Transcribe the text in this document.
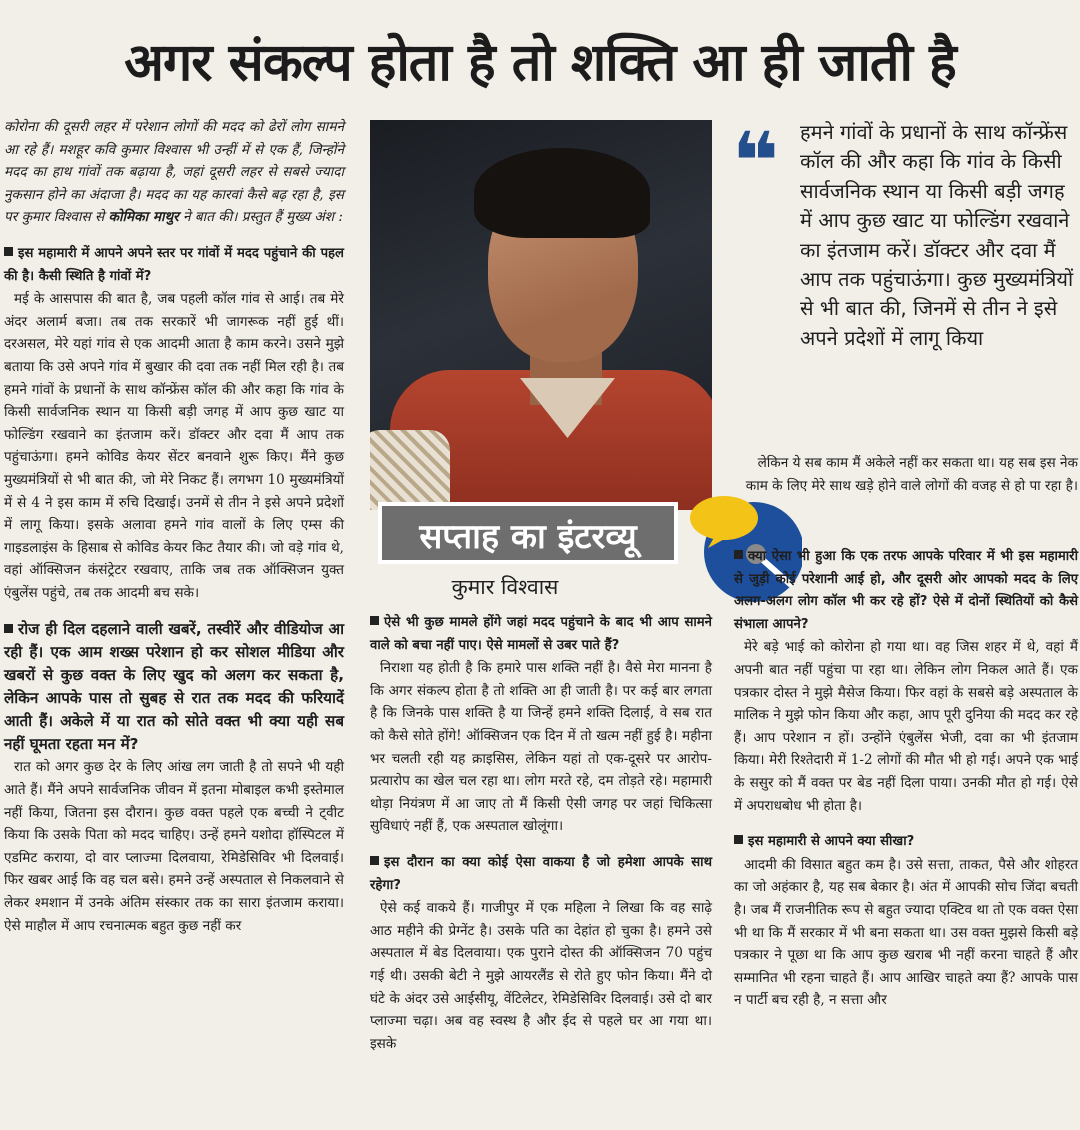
अगर संकल्प होता है तो शक्ति आ ही जाती है

कोरोना की दूसरी लहर में परेशान लोगों की मदद को ढेरों लोग सामने आ रहे हैं। मशहूर कवि कुमार विश्वास भी उन्हीं में से एक हैं, जिन्होंने मदद का हाथ गांवों तक बढ़ाया है, जहां दूसरी लहर से सबसे ज्यादा नुकसान होने का अंदाजा है। मदद का यह कारवां कैसे बढ़ रहा है, इस पर कुमार विश्वास से कोमिका माथुर ने बात की। प्रस्तुत हैं मुख्य अंश :

इस महामारी में आपने अपने स्तर पर गांवों में मदद पहुंचाने की पहल की है। कैसी स्थिति है गांवों में?

मई के आसपास की बात है, जब पहली कॉल गांव से आई। तब मेरे अंदर अलार्म बजा। तब तक सरकारें भी जागरूक नहीं हुई थीं। दरअसल, मेरे यहां गांव से एक आदमी आता है काम करने। उसने मुझे बताया कि उसे अपने गांव में बुखार की दवा तक नहीं मिल रही है। तब हमने गांवों के प्रधानों के साथ कॉन्फ्रेंस कॉल की और कहा कि गांव के किसी सार्वजनिक स्थान या किसी बड़ी जगह में आप कुछ खाट या फोल्डिंग रखवाने का इंतजाम करें। डॉक्टर और दवा मैं आप तक पहुंचाऊंगा। हमने कोविड केयर सेंटर बनवाने शुरू किए। मैंने कुछ मुख्यमंत्रियों से भी बात की, जो मेरे निकट हैं। लगभग 10 मुख्यमंत्रियों में से 4 ने इस काम में रुचि दिखाई। उनमें से तीन ने इसे अपने प्रदेशों में लागू किया। इसके अलावा हमने गांव वालों के लिए एम्स की गाइडलाइंस के हिसाब से कोविड केयर किट तैयार की। जो वड़े गांव थे, वहां ऑक्सिजन कंसंट्रेटर रखवाए, ताकि जब तक ऑक्सिजन युक्त एंबुलेंस पहुंचे, तब तक आदमी बच सके।

रोज ही दिल दहलाने वाली खबरें, तस्वीरें और वीडियोज आ रही हैं। एक आम शख्स परेशान हो कर सोशल मीडिया और खबरों से कुछ वक्त के लिए खुद को अलग कर सकता है, लेकिन आपके पास तो सुबह से रात तक मदद की फरियादें आती हैं। अकेले में या रात को सोते वक्त भी क्या यही सब नहीं घूमता रहता मन में?

रात को अगर कुछ देर के लिए आंख लग जाती है तो सपने भी यही आते हैं। मैंने अपने सार्वजनिक जीवन में इतना मोबाइल कभी इस्तेमाल नहीं किया, जितना इस दौरान। कुछ वक्त पहले एक बच्ची ने ट्वीट किया कि उसके पिता को मदद चाहिए। उन्हें हमने यशोदा हॉस्पिटल में एडमिट कराया, दो वार प्लाज्मा दिलवाया, रेमिडेसिविर भी दिलवाई। फिर खबर आई कि वह चल बसे। हमने उन्हें अस्पताल से निकलवाने से लेकर श्मशान में उनके अंतिम संस्कार तक का सारा इंतजाम कराया। ऐसे माहौल में आप रचनात्मक बहुत कुछ नहीं कर

सप्ताह का इंटरव्यू
कुमार विश्वास

ऐसे भी कुछ मामले होंगे जहां मदद पहुंचाने के बाद भी आप सामने वाले को बचा नहीं पाए। ऐसे मामलों से उबर पाते हैं?

निराशा यह होती है कि हमारे पास शक्ति नहीं है। वैसे मेरा मानना है कि अगर संकल्प होता है तो शक्ति आ ही जाती है। पर कई बार लगता है कि जिनके पास शक्ति है या जिन्हें हमने शक्ति दिलाई, वे सब रात को कैसे सोते होंगे! ऑक्सिजन एक दिन में तो खत्म नहीं हुई है। महीना भर चलती रही यह क्राइसिस, लेकिन यहां तो एक-दूसरे पर आरोप-प्रत्यारोप का खेल चल रहा था। लोग मरते रहे, दम तोड़ते रहे। महामारी थोड़ा नियंत्रण में आ जाए तो मैं किसी ऐसी जगह पर जहां चिकित्सा सुविधाएं नहीं हैं, एक अस्पताल खोलूंगा।

इस दौरान का क्या कोई ऐसा वाकया है जो हमेशा आपके साथ रहेगा?

ऐसे कई वाकये हैं। गाजीपुर में एक महिला ने लिखा कि वह साढ़े आठ महीने की प्रेग्नेंट है। उसके पति का देहांत हो चुका है। हमने उसे अस्पताल में बेड दिलवाया। एक पुराने दोस्त की ऑक्सिजन 70 पहुंच गई थी। उसकी बेटी ने मुझे आयरलैंड से रोते हुए फोन किया। मैंने दो घंटे के अंदर उसे आईसीयू, वेंटिलेटर, रेमिडेसिविर दिलवाई। उसे दो बार प्लाज्मा चढ़ा। अब वह स्वस्थ है और ईद से पहले घर आ गया था। इसके

❝ हमने गांवों के प्रधानों के साथ कॉन्फ्रेंस कॉल की और कहा कि गांव के किसी सार्वजनिक स्थान या किसी बड़ी जगह में आप कुछ खाट या फोल्डिंग रखवाने का इंतजाम करें। डॉक्टर और दवा मैं आप तक पहुंचाऊंगा। कुछ मुख्यमंत्रियों से भी बात की, जिनमें से तीन ने इसे अपने प्रदेशों में लागू किया
लेकिन ये सब काम मैं अकेले नहीं कर सकता था। यह सब इस नेक काम के लिए मेरे साथ खड़े होने वाले लोगों की वजह से हो पा रहा है।

क्या ऐसा भी हुआ कि एक तरफ आपके परिवार में भी इस महामारी से जुड़ी कोई परेशानी आई हो, और दूसरी ओर आपको मदद के लिए अलग-अलग लोग कॉल भी कर रहे हों? ऐसे में दोनों स्थितियों को कैसे संभाला आपने?

मेरे बड़े भाई को कोरोना हो गया था। वह जिस शहर में थे, वहां मैं अपनी बात नहीं पहुंचा पा रहा था। लेकिन लोग निकल आते हैं। एक पत्रकार दोस्त ने मुझे मैसेज किया। फिर वहां के सबसे बड़े अस्पताल के मालिक ने मुझे फोन किया और कहा, आप पूरी दुनिया की मदद कर रहे हैं। आप परेशान न हों। उन्होंने एंबुलेंस भेजी, दवा का भी इंतजाम किया। मेरी रिश्तेदारी में 1-2 लोगों की मौत भी हो गई। अपने एक भाई के ससुर को मैं वक्त पर बेड नहीं दिला पाया। उनकी मौत हो गई। ऐसे में अपराधबोध भी होता है।

इस महामारी से आपने क्या सीखा?

आदमी की विसात बहुत कम है। उसे सत्ता, ताकत, पैसे और शोहरत का जो अहंकार है, यह सब बेकार है। अंत में आपकी सोच जिंदा बचती है। जब मैं राजनीतिक रूप से बहुत ज्यादा एक्टिव था तो एक वक्त ऐसा भी था कि मैं सरकार में भी बना सकता था। उस वक्त मुझसे किसी बड़े पत्रकार ने पूछा था कि आप कुछ खराब भी नहीं करना चाहते हैं और सम्मानित भी रहना चाहते हैं। आप आखिर चाहते क्या हैं? आपके पास न पार्टी बच रही है, न सत्ता और
